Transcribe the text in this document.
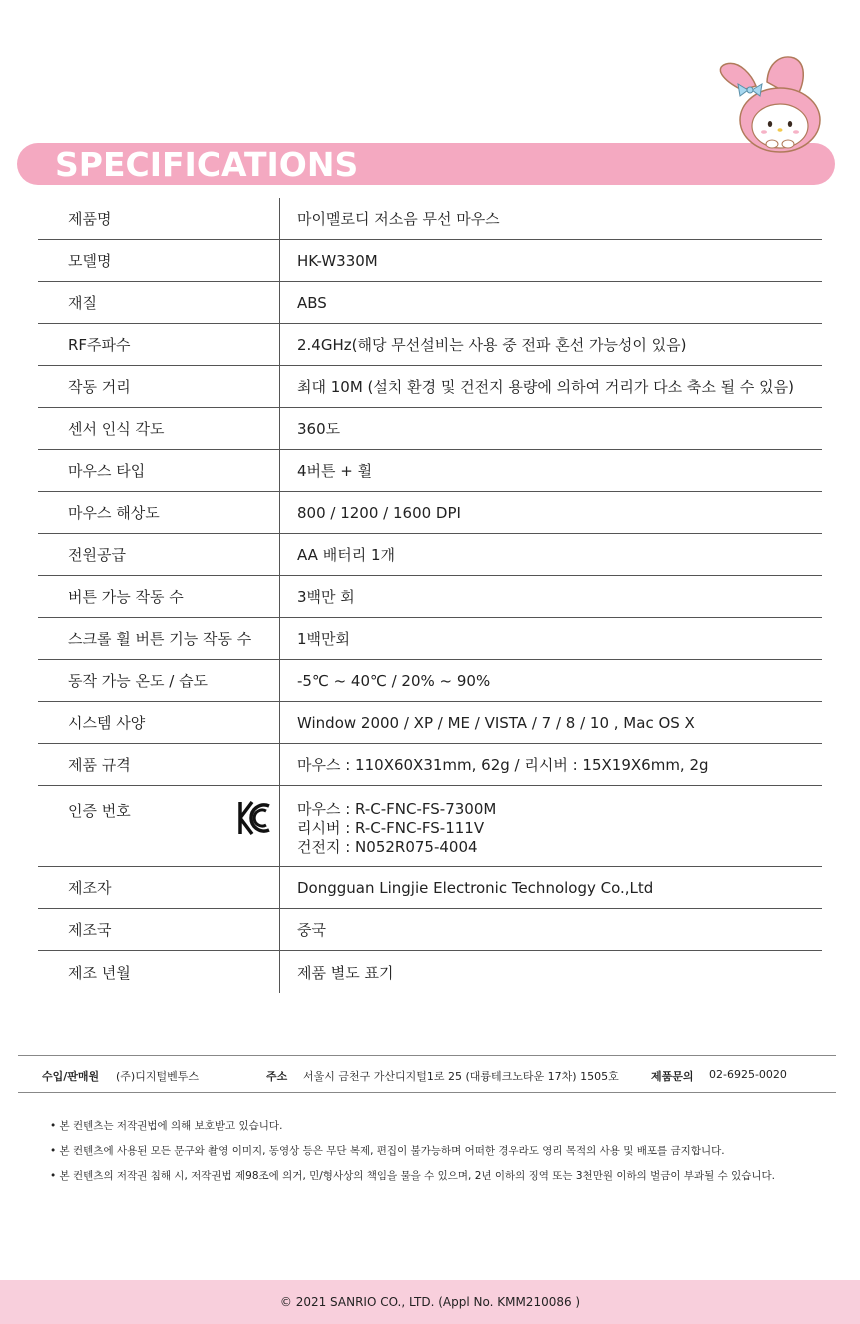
SPECIFICATIONS
제품명	마이멜로디 저소음 무선 마우스
모델명	HK-W330M
재질	ABS
RF주파수	2.4GHz(해당 무선설비는 사용 중 전파 혼선 가능성이 있음)
작동 거리	최대 10M (설치 환경 및 건전지 용량에 의하여 거리가 다소 축소 될 수 있음)
센서 인식 각도	360도
마우스 타입	4버튼 + 휠
마우스 해상도	800 / 1200 / 1600 DPI
전원공급	AA 배터리 1개
버튼 가능 작동 수	3백만 회
스크롤 휠 버튼 기능 작동 수	1백만회
동작 가능 온도 / 습도	-5℃ ~ 40℃ / 20% ~ 90%
시스템 사양	Window 2000 / XP / ME / VISTA / 7 / 8 / 10 , Mac OS X
제품 규격	마우스 : 110X60X31mm, 62g / 리시버 : 15X19X6mm, 2g
인증 번호	마우스 : R-C-FNC-FS-7300M
리시버 : R-C-FNC-FS-111V
건전지 : N052R075-4004
제조자	Dongguan Lingjie Electronic Technology Co.,Ltd
제조국	중국
제조 년월	제품 별도 표기
수입/판매원 (주)디지털벤투스	주소 서울시 금천구 가산디지털1로 25 (대륭테크노타운 17차) 1505호	제품문의 02-6925-0020
• 본 컨텐츠는 저작권법에 의해 보호받고 있습니다.
• 본 컨텐츠에 사용된 모든 문구와 촬영 이미지, 동영상 등은 무단 복제, 편집이 불가능하며 어떠한 경우라도 영리 목적의 사용 및 배포를 금지합니다.
• 본 컨텐츠의 저작권 침해 시, 저작권법 제98조에 의거, 민/형사상의 책임을 물을 수 있으며, 2년 이하의 징역 또는 3천만원 이하의 벌금이 부과될 수 있습니다.
© 2021 SANRIO CO., LTD. (Appl No. KMM210086 )
